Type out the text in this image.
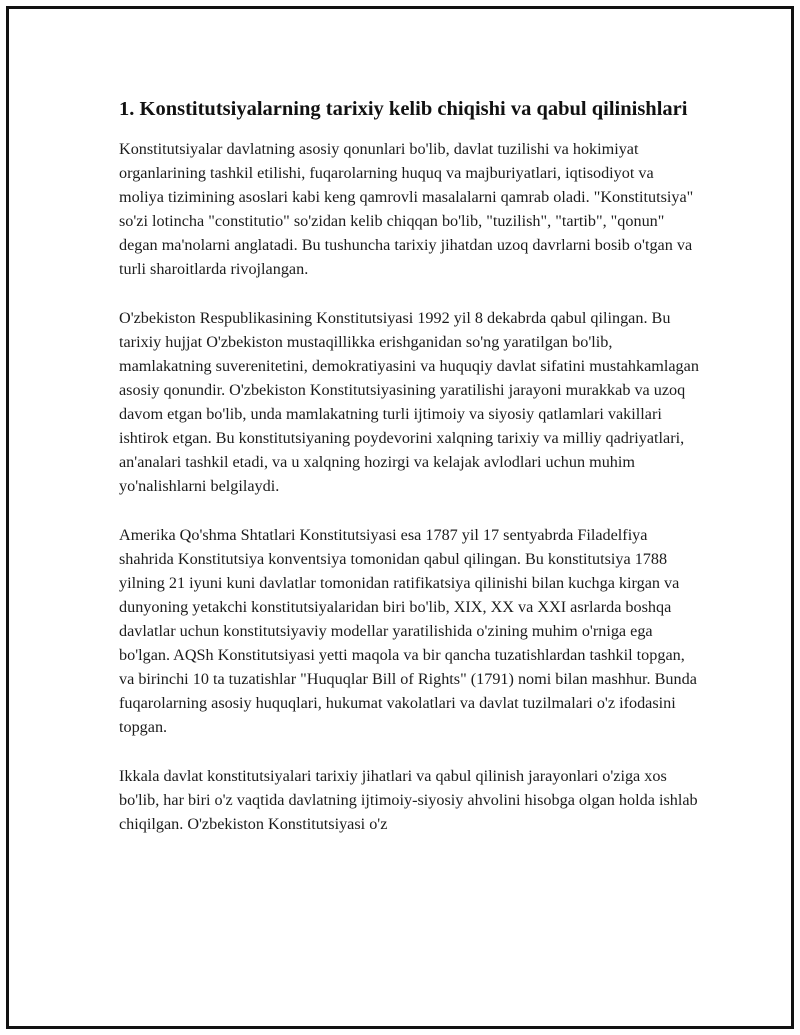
1. Konstitutsiyalarning tarixiy kelib chiqishi va qabul qilinishlari

Konstitutsiyalar davlatning asosiy qonunlari bo'lib, davlat tuzilishi va hokimiyat organlarining tashkil etilishi, fuqarolarning huquq va majburiyatlari, iqtisodiyot va moliya tizimining asoslari kabi keng qamrovli masalalarni qamrab oladi. "Konstitutsiya" so'zi lotincha "constitutio" so'zidan kelib chiqqan bo'lib, "tuzilish", "tartib", "qonun" degan ma'nolarni anglatadi. Bu tushuncha tarixiy jihatdan uzoq davrlarni bosib o'tgan va turli sharoitlarda rivojlangan.

O'zbekiston Respublikasining Konstitutsiyasi 1992 yil 8 dekabrda qabul qilingan. Bu tarixiy hujjat O'zbekiston mustaqillikka erishganidan so'ng yaratilgan bo'lib, mamlakatning suverenitetini, demokratiyasini va huquqiy davlat sifatini mustahkamlagan asosiy qonundir. O'zbekiston Konstitutsiyasining yaratilishi jarayoni murakkab va uzoq davom etgan bo'lib, unda mamlakatning turli ijtimoiy va siyosiy qatlamlari vakillari ishtirok etgan. Bu konstitutsiyaning poydevorini xalqning tarixiy va milliy qadriyatlari, an'analari tashkil etadi, va u xalqning hozirgi va kelajak avlodlari uchun muhim yo'nalishlarni belgilaydi.

Amerika Qo'shma Shtatlari Konstitutsiyasi esa 1787 yil 17 sentyabrda Filadelfiya shahrida Konstitutsiya konventsiya tomonidan qabul qilingan. Bu konstitutsiya 1788 yilning 21 iyuni kuni davlatlar tomonidan ratifikatsiya qilinishi bilan kuchga kirgan va dunyoning yetakchi konstitutsiyalaridan biri bo'lib, XIX, XX va XXI asrlarda boshqa davlatlar uchun konstitutsiyaviy modellar yaratilishida o'zining muhim o'rniga ega bo'lgan. AQSh Konstitutsiyasi yetti maqola va bir qancha tuzatishlardan tashkil topgan, va birinchi 10 ta tuzatishlar "Huquqlar Bill of Rights" (1791) nomi bilan mashhur. Bunda fuqarolarning asosiy huquqlari, hukumat vakolatlari va davlat tuzilmalari o'z ifodasini topgan.

Ikkala davlat konstitutsiyalari tarixiy jihatlari va qabul qilinish jarayonlari o'ziga xos bo'lib, har biri o'z vaqtida davlatning ijtimoiy-siyosiy ahvolini hisobga olgan holda ishlab chiqilgan. O'zbekiston Konstitutsiyasi o'z
